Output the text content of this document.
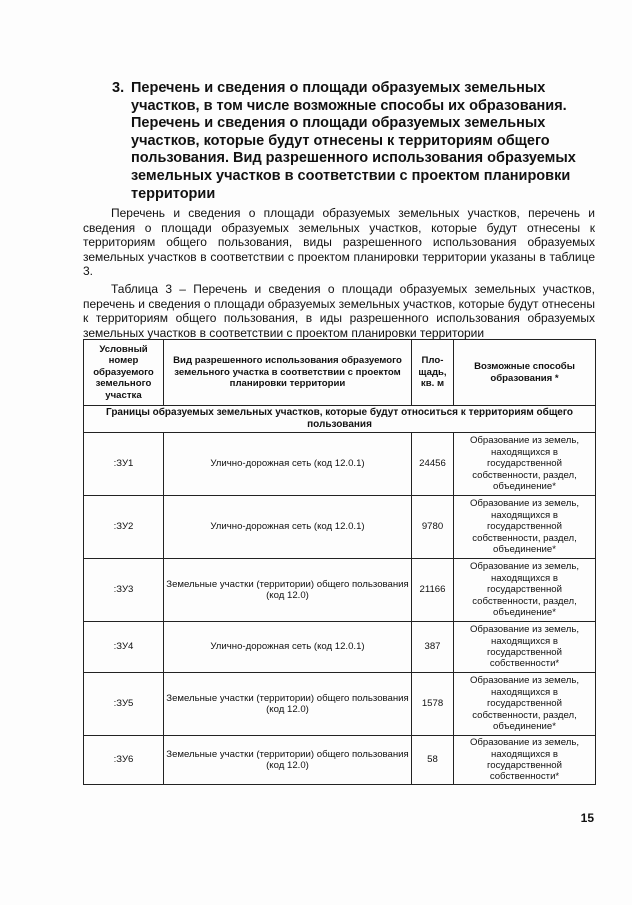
3. Перечень и сведения о площади образуемых земельных участков, в том числе возможные способы их образования. Перечень и сведения о площади образуемых земельных участков, которые будут отнесены к территориям общего пользования. Вид разрешенного использования образуемых земельных участков в соответствии с проектом планировки территории

Перечень и сведения о площади образуемых земельных участков, перечень и сведения о площади образуемых земельных участков, которые будут отнесены к территориям общего пользования, виды разрешенного использования образуемых земельных участков в соответствии с проектом планировки территории указаны в таблице 3.

Таблица 3 – Перечень и сведения о площади образуемых земельных участков, перечень и сведения о площади образуемых земельных участков, которые будут отнесены к территориям общего пользования, в иды разрешенного использования образуемых земельных участков в соответствии с проектом планировки территории

Условный номер образуемого земельного участка	Вид разрешенного использования образуемого земельного участка в соответствии с проектом планировки территории	Пло-щадь, кв. м	Возможные способы образования *
Границы образуемых земельных участков, которые будут относиться к территориям общего пользования			
:ЗУ1	Улично-дорожная сеть (код 12.0.1)	24456	Образование из земель, находящихся в государственной собственности, раздел, объединение*
:ЗУ2	Улично-дорожная сеть (код 12.0.1)	9780	Образование из земель, находящихся в государственной собственности, раздел, объединение*
:ЗУ3	Земельные участки (территории) общего пользования (код 12.0)	21166	Образование из земель, находящихся в государственной собственности, раздел, объединение*
:ЗУ4	Улично-дорожная сеть (код 12.0.1)	387	Образование из земель, находящихся в государственной собственности*
:ЗУ5	Земельные участки (территории) общего пользования (код 12.0)	1578	Образование из земель, находящихся в государственной собственности, раздел, объединение*
:ЗУ6	Земельные участки (территории) общего пользования (код 12.0)	58	Образование из земель, находящихся в государственной собственности*
15
